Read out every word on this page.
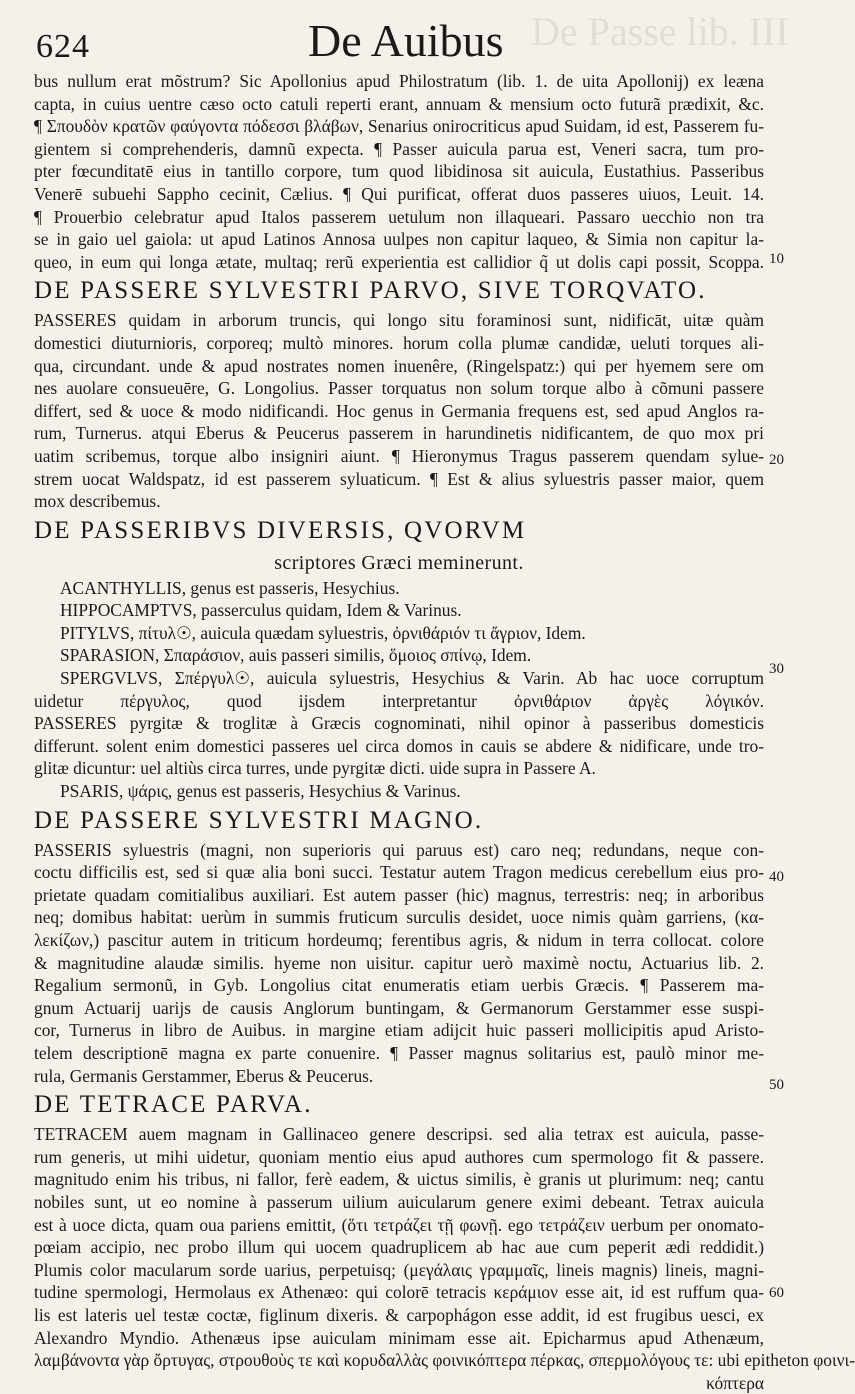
De Passe lib. III
624	De Auibus
10
20
30
40
50
60
bus nullum erat mõstrum? Sic Apollonius apud Philostratum (lib. 1. de uita Apollonij) ex leæna
capta, in cuius uentre cæso octo catuli reperti erant, annuam & mensium octo futurã prædixit, &c.
¶ Σπουδὸν κρατῶν φαύγοντα πόδεσσι βλάβων, Senarius onirocriticus apud Suidam, id est, Passerem fu-
gientem si comprehenderis, damnũ expecta. ¶ Passer auicula parua est, Veneri sacra, tum pro-
pter fœcunditatē eius in tantillo corpore, tum quod libidinosa sit auicula, Eustathius. Passeribus
Venerē subuehi Sappho cecinit, Cælius. ¶ Qui purificat, offerat duos passeres uiuos, Leuit. 14.
¶ Prouerbio celebratur apud Italos passerem uetulum non illaqueari. Passaro uecchio non tra
se in gaio uel gaiola: ut apud Latinos Annosa uulpes non capitur laqueo, & Simia non capitur la-
queo, in eum qui longa ætate, multaq; rerũ experientia est callidior q̃ ut dolis capi possit, Scoppa.
DE PASSERE SYLVESTRI PARVO, SIVE TORQVATO.
PASSERES quidam in arborum truncis, qui longo situ foraminosi sunt, nidificāt, uitæ quàm
domestici diuturnioris, corporeq; multò minores. horum colla plumæ candidæ, ueluti torques ali-
qua, circundant. unde & apud nostrates nomen inuenêre, (Ringelspatz:) qui per hyemem sere om
nes auolare consueuēre, G. Longolius. Passer torquatus non solum torque albo à cõmuni passere
differt, sed & uoce & modo nidificandi. Hoc genus in Germania frequens est, sed apud Anglos ra-
rum, Turnerus. atqui Eberus & Peucerus passerem in harundinetis nidificantem, de quo mox pri
uatim scribemus, torque albo insigniri aiunt. ¶ Hieronymus Tragus passerem quendam sylue-
strem uocat Waldspatz, id est passerem syluaticum. ¶ Est & alius syluestris passer maior, quem
mox describemus.
DE PASSERIBVS DIVERSIS, QVORVM
scriptores Græci meminerunt.
ACANTHYLLIS, genus est passeris, Hesychius.
HIPPOCAMPTVS, passerculus quidam, Idem & Varinus.
PITYLVS, πίτυλ☉, auicula quædam syluestris, ὀρνιθάριόν τι ἄγριον, Idem.
SPARASION, Σπαράσιον, auis passeri similis, ὅμοιος σπίνῳ, Idem.
SPERGVLVS, Σπέργυλ☉, auicula syluestris, Hesychius & Varin. Ab hac uoce corruptum
uidetur πέργυλος, quod ijsdem interpretantur ὀρνιθάριον ἀργὲς λόγικόν.
PASSERES pyrgitæ & troglitæ à Græcis cognominati, nihil opinor à passeribus domesticis
differunt. solent enim domestici passeres uel circa domos in cauis se abdere & nidificare, unde tro-
glitæ dicuntur: uel altiùs circa turres, unde pyrgitæ dicti. uide supra in Passere A.
PSARIS, ψάρις, genus est passeris, Hesychius & Varinus.
DE PASSERE SYLVESTRI MAGNO.
PASSERIS syluestris (magni, non superioris qui paruus est) caro neq; redundans, neque con-
coctu difficilis est, sed si quæ alia boni succi. Testatur autem Tragon medicus cerebellum eius pro-
prietate quadam comitialibus auxiliari. Est autem passer (hic) magnus, terrestris: neq; in arboribus
neq; domibus habitat: uerùm in summis fruticum surculis desidet, uoce nimis quàm garriens, (κα-
λεκίζων,) pascitur autem in triticum hordeumq; ferentibus agris, & nidum in terra collocat. colore
& magnitudine alaudæ similis. hyeme non uisitur. capitur uerò maximè noctu, Actuarius lib. 2.
Regalium sermonũ, in Gyb. Longolius citat enumeratis etiam uerbis Græcis. ¶ Passerem ma-
gnum Actuarij uarijs de causis Anglorum buntingam, & Germanorum Gerstammer esse suspi-
cor, Turnerus in libro de Auibus. in margine etiam adijcit huic passeri mollicipitis apud Aristo-
telem descriptionē magna ex parte conuenire. ¶ Passer magnus solitarius est, paulò minor me-
rula, Germanis Gerstammer, Eberus & Peucerus.
DE TETRACE PARVA.
TETRACEM auem magnam in Gallinaceo genere descripsi. sed alia tetrax est auicula, passe-
rum generis, ut mihi uidetur, quoniam mentio eius apud authores cum spermologo fit & passere.
magnitudo enim his tribus, ni fallor, ferè eadem, & uictus similis, è granis ut plurimum: neq; cantu
nobiles sunt, ut eo nomine à passerum uilium auicularum genere eximi debeant. Tetrax auicula
est à uoce dicta, quam oua pariens emittit, (ὅτι τετράζει τῇ φωνῇ. ego τετράζειν uerbum per onomato-
pœiam accipio, nec probo illum qui uocem quadruplicem ab hac aue cum peperit ædi reddidit.)
Plumis color macularum sorde uarius, perpetuisq; (μεγάλαις γραμμαῖς, lineis magnis) lineis, magni-
tudine spermologi, Hermolaus ex Athenæo: qui colorē tetracis κεράμιον esse ait, id est ruffum qua-
lis est lateris uel testæ coctæ, figlinum dixeris. & carpophágon esse addit, id est frugibus uesci, ex
Alexandro Myndio. Athenæus ipse auiculam minimam esse ait. Epicharmus apud Athenæum,
λαμβάνοντα γὰρ ὄρτυγας, στρουθοὺς τε καὶ κορυδαλλὰς φοινικόπτερα πέρκας, σπερμολόγους τε: ubi epitheton φοινι-
κόπτερα
